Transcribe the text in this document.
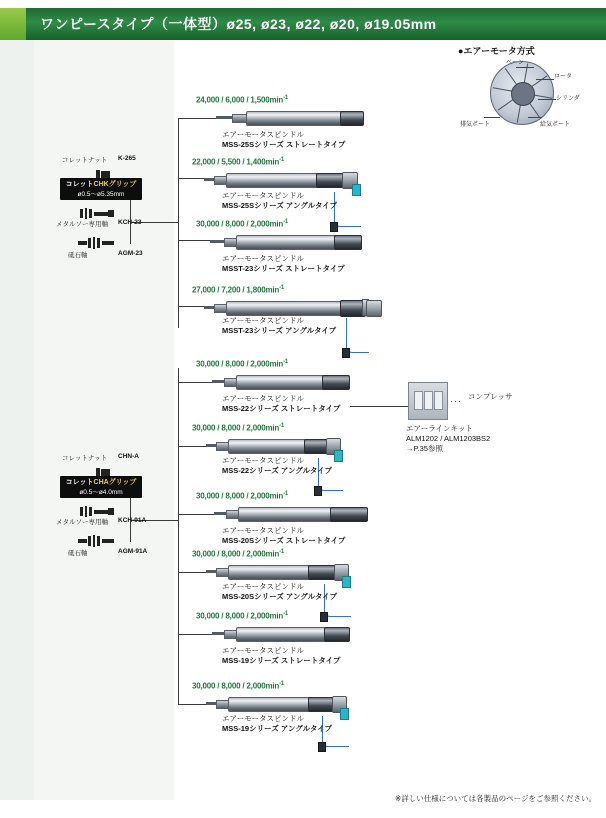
ワンピースタイプ（一体型）ø25, ø23, ø22, ø20, ø19.05mm
●エアーモータ方式
ベーン
ロータ
シリンダ
排気ポート	給気ポート
$24,000 / 6,000 / 1,500\min^{-1}$
エアーモータスピンドル
MSS-25Sシリーズ ストレートタイプ
$22,000 / 5,500 / 1,400\min^{-1}$
エアーモータスピンドル
MSS-25Sシリーズ アングルタイプ
$30,000 / 8,000 / 2,000\min^{-1}$
エアーモータスピンドル
MSST-23シリーズ ストレートタイプ
$27,000 / 7,200 / 1,800\min^{-1}$
エアーモータスピンドル
MSST-23シリーズ アングルタイプ
$30,000 / 8,000 / 2,000\min^{-1}$
エアーモータスピンドル
MSS-22シリーズ ストレートタイプ
$30,000 / 8,000 / 2,000\min^{-1}$
エアーモータスピンドル
MSS-22シリーズ アングルタイプ
$30,000 / 8,000 / 2,000\min^{-1}$
エアーモータスピンドル
MSS-20Sシリーズ ストレートタイプ
$30,000 / 8,000 / 2,000\min^{-1}$
エアーモータスピンドル
MSS-20Sシリーズ アングルタイプ
$30,000 / 8,000 / 2,000\min^{-1}$
エアーモータスピンドル
MSS-19シリーズ ストレートタイプ
$30,000 / 8,000 / 2,000\min^{-1}$
エアーモータスピンドル
MSS-19シリーズ アングルタイプ
コレットナット K-265
コレットCHKグリップ
ø0.5〜ø5.35mm
メタルソー専用軸 KCH-23
砥石軸	AGM-23
コレットナット CHN-A
コレットCHAグリップ
ø0.5〜ø4.0mm
メタルソー専用軸 KCH-91A
砥石軸	AGM-91A
··· コンプレッサ
エアーラインキット
ALM1202 / ALM1203BS2
→P.35参照
※詳しい仕様については各製品のページをご参照ください。
